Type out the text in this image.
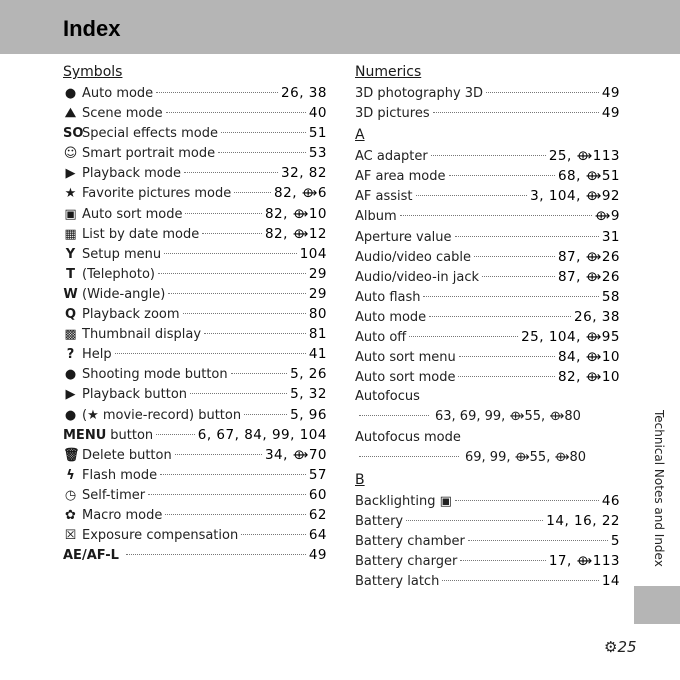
Index
Symbols
● Auto mode	26, 38
⛰ Scene mode	40
SO
Special effects mode	51
☺ Smart portrait mode	53
▶ Playback mode	32, 82
★ Favorite pictures mode	82, ⟴6
▣ Auto sort mode	82, ⟴10
▦ List by date mode	82, ⟴12
Y Setup menu	104
T (Telephoto)	29
W (Wide-angle)	29
Q Playback zoom	80
▩ Thumbnail display	81
? Help	41
● Shooting mode button	5, 26
▶ Playback button	5, 32
● (★ movie-record) button	5, 96
MENU button	6, 67, 84, 99, 104
🗑 Delete button	34, ⟴70
ϟ Flash mode	57
◷ Self-timer	60
✿ Macro mode	62
☒ Exposure compensation	64
AE/AF-L	49
Numerics
3D photography 3D	49
3D pictures	49
A
AC adapter	25, ⟴113
AF area mode	68, ⟴51
AF assist	3, 104, ⟴92
Album	⟴9
Aperture value	31
Audio/video cable	87, ⟴26
Audio/video-in jack	87, ⟴26
Auto flash	58
Auto mode	26, 38
Auto off	25, 104, ⟴95
Auto sort menu	84, ⟴10
Auto sort mode	82, ⟴10
Autofocus
63, 69, 99, ⟴55, ⟴80
Autofocus mode
69, 99, ⟴55, ⟴80
B
Backlighting ▣	46
Battery	14, 16, 22
Battery chamber	5
Battery charger	17, ⟴113
Battery latch	14
Technical Notes and Index
⚙25
